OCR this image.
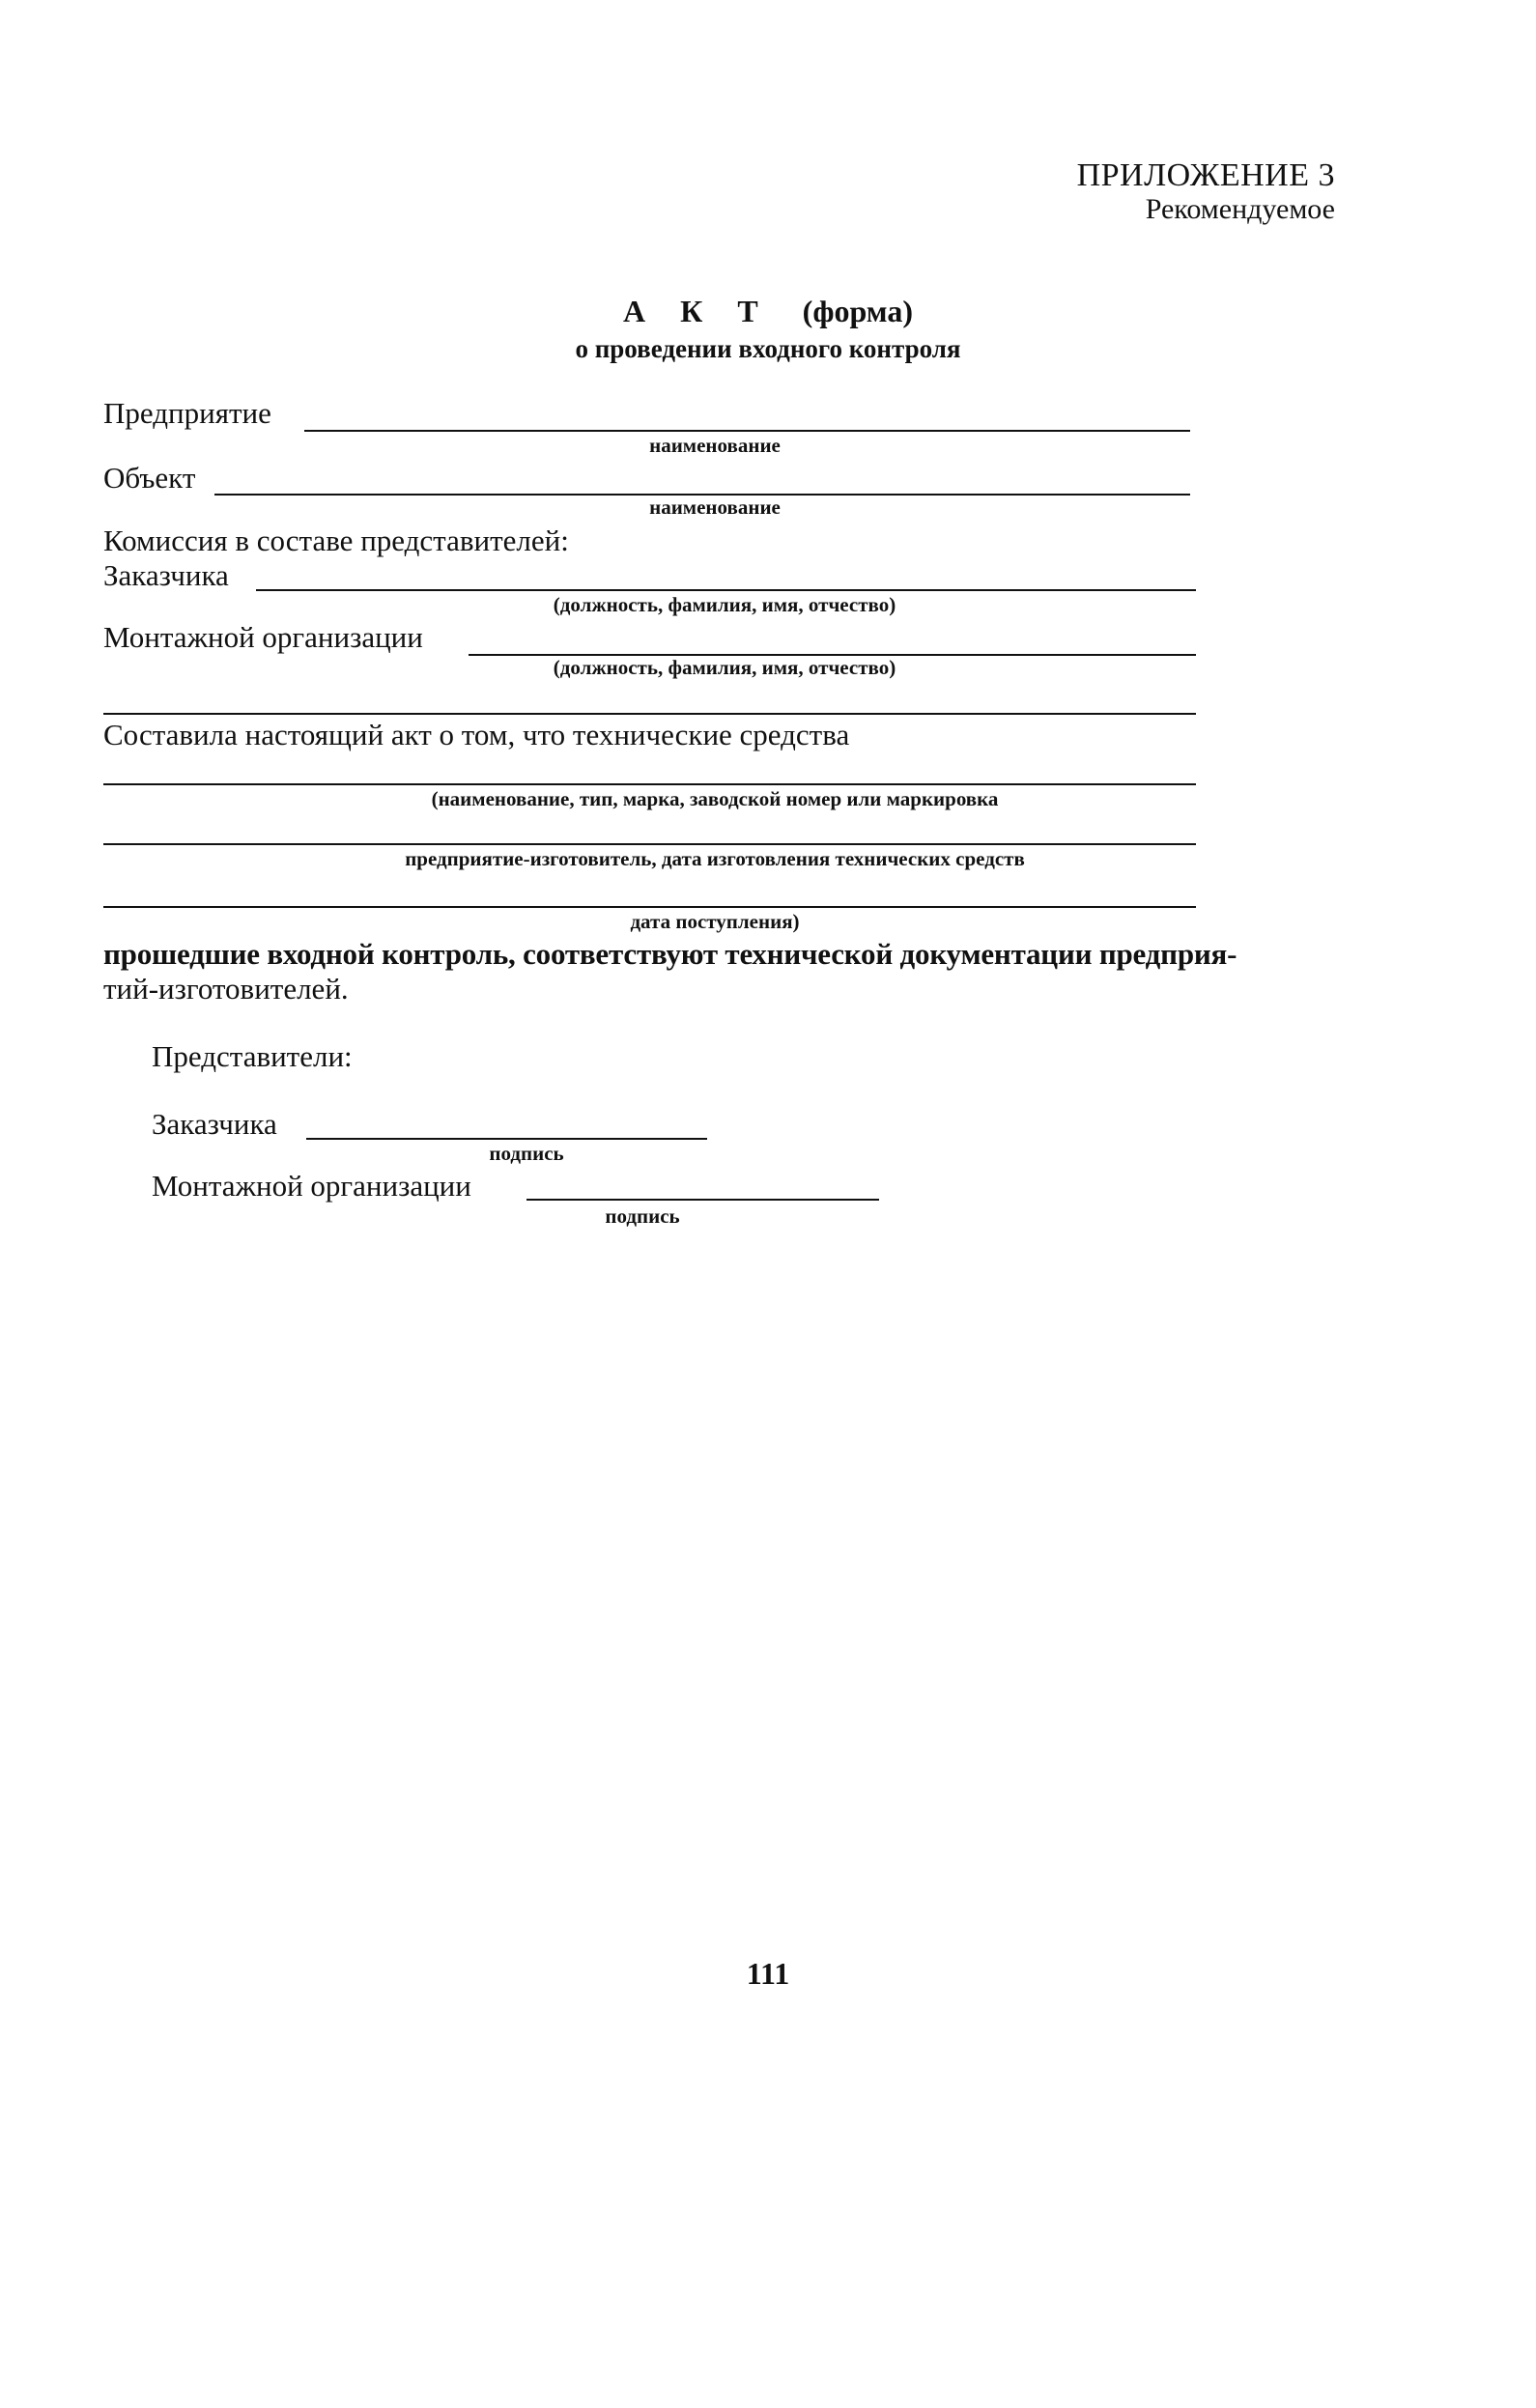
ПРИЛОЖЕНИЕ 3
Рекомендуемое
А К Т (форма)
о проведении входного контроля
Предприятие
наименование
Объект
наименование
Комиссия в составе представителей:
Заказчика
(должность, фамилия, имя, отчество)
Монтажной организации
(должность, фамилия, имя, отчество)
Составила настоящий акт о том, что технические средства
(наименование, тип, марка, заводской номер или маркировка
предприятие-изготовитель, дата изготовления технических средств
дата поступления)
прошедшие входной контроль, соответствуют технической документации предприя-
тий-изготовителей.
Представители:
Заказчика
подпись
Монтажной организации
подпись
111
